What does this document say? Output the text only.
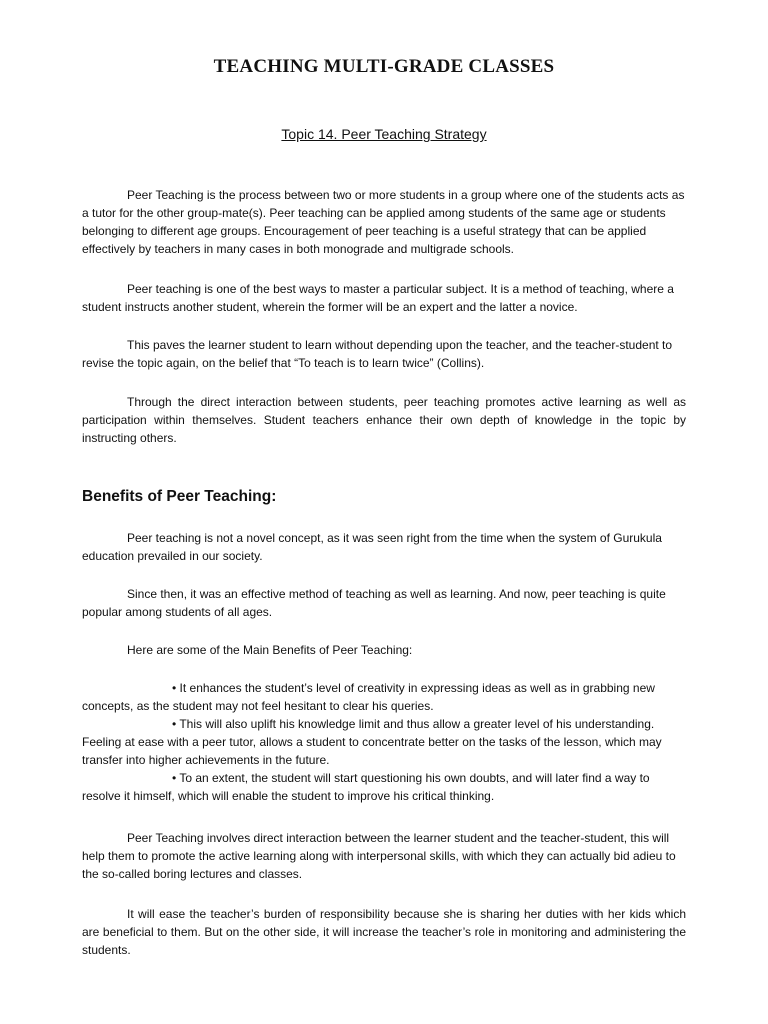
TEACHING MULTI-GRADE CLASSES
Topic 14. Peer Teaching Strategy

Peer Teaching is the process between two or more students in a group where one of the students acts as a tutor for the other group-mate(s). Peer teaching can be applied among students of the same age or students belonging to different age groups. Encouragement of peer teaching is a useful strategy that can be applied effectively by teachers in many cases in both monograde and multigrade schools.

Peer teaching is one of the best ways to master a particular subject. It is a method of teaching, where a student instructs another student, wherein the former will be an expert and the latter a novice.

This paves the learner student to learn without depending upon the teacher, and the teacher-student to revise the topic again, on the belief that “To teach is to learn twice” (Collins).

Through the direct interaction between students, peer teaching promotes active learning as well as participation within themselves. Student teachers enhance their own depth of knowledge in the topic by instructing others.

Benefits of Peer Teaching:

Peer teaching is not a novel concept, as it was seen right from the time when the system of Gurukula education prevailed in our society.

Since then, it was an effective method of teaching as well as learning. And now, peer teaching is quite popular among students of all ages.

Here are some of the Main Benefits of Peer Teaching:

• It enhances the student’s level of creativity in expressing ideas as well as in grabbing new concepts, as the student may not feel hesitant to clear his queries.
• This will also uplift his knowledge limit and thus allow a greater level of his understanding. Feeling at ease with a peer tutor, allows a student to concentrate better on the tasks of the lesson, which may transfer into higher achievements in the future.
• To an extent, the student will start questioning his own doubts, and will later find a way to resolve it himself, which will enable the student to improve his critical thinking.

Peer Teaching involves direct interaction between the learner student and the teacher-student, this will help them to promote the active learning along with interpersonal skills, with which they can actually bid adieu to the so-called boring lectures and classes.

It will ease the teacher’s burden of responsibility because she is sharing her duties with her kids which are beneficial to them. But on the other side, it will increase the teacher’s role in monitoring and administering the students.
